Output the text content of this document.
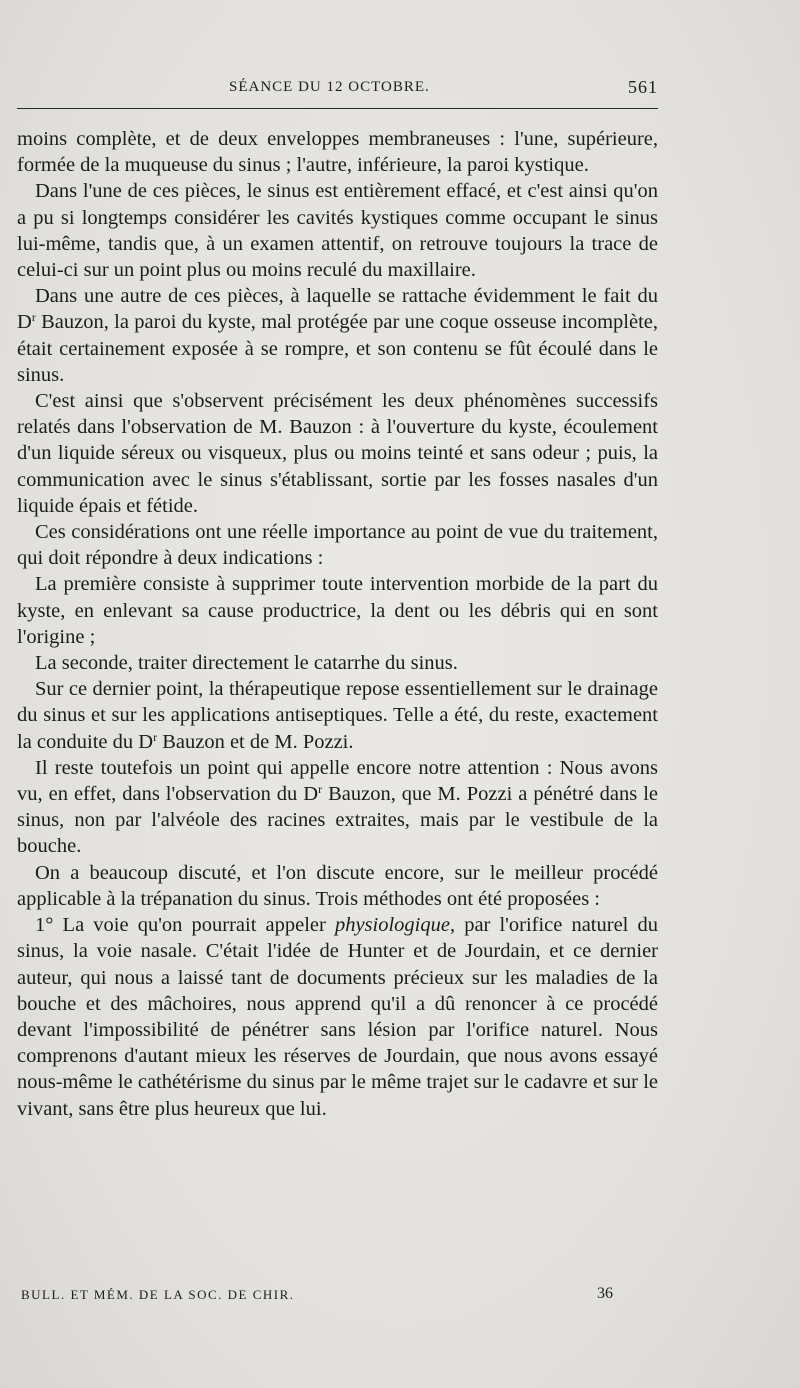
SÉANCE DU 12 OCTOBRE.	561

moins complète, et de deux enveloppes membraneuses : l'une, supérieure, formée de la muqueuse du sinus ; l'autre, inférieure, la paroi kystique.

Dans l'une de ces pièces, le sinus est entièrement effacé, et c'est ainsi qu'on a pu si longtemps considérer les cavités kystiques comme occupant le sinus lui-même, tandis que, à un examen attentif, on retrouve toujours la trace de celui-ci sur un point plus ou moins reculé du maxillaire.

Dans une autre de ces pièces, à laquelle se rattache évidemment le fait du $D^r$ Bauzon, la paroi du kyste, mal protégée par une coque osseuse incomplète, était certainement exposée à se rompre, et son contenu se fût écoulé dans le sinus.

C'est ainsi que s'observent précisément les deux phénomènes successifs relatés dans l'observation de M. Bauzon : à l'ouverture du kyste, écoulement d'un liquide séreux ou visqueux, plus ou moins teinté et sans odeur ; puis, la communication avec le sinus s'établissant, sortie par les fosses nasales d'un liquide épais et fétide.

Ces considérations ont une réelle importance au point de vue du traitement, qui doit répondre à deux indications :

La première consiste à supprimer toute intervention morbide de la part du kyste, en enlevant sa cause productrice, la dent ou les débris qui en sont l'origine ;

La seconde, traiter directement le catarrhe du sinus.

Sur ce dernier point, la thérapeutique repose essentiellement sur le drainage du sinus et sur les applications antiseptiques. Telle a été, du reste, exactement la conduite du $D^r$ Bauzon et de M. Pozzi.

Il reste toutefois un point qui appelle encore notre attention : Nous avons vu, en effet, dans l'observation du $D^r$ Bauzon, que M. Pozzi a pénétré dans le sinus, non par l'alvéole des racines extraites, mais par le vestibule de la bouche.

On a beaucoup discuté, et l'on discute encore, sur le meilleur procédé applicable à la trépanation du sinus. Trois méthodes ont été proposées :

1° La voie qu'on pourrait appeler physiologique, par l'orifice naturel du sinus, la voie nasale. C'était l'idée de Hunter et de Jourdain, et ce dernier auteur, qui nous a laissé tant de documents précieux sur les maladies de la bouche et des mâchoires, nous apprend qu'il a dû renoncer à ce procédé devant l'impossibilité de pénétrer sans lésion par l'orifice naturel. Nous comprenons d'autant mieux les réserves de Jourdain, que nous avons essayé nous-même le cathétérisme du sinus par le même trajet sur le cadavre et sur le vivant, sans être plus heureux que lui.

BULL. ET MÉM. DE LA SOC. DE CHIR.	36
